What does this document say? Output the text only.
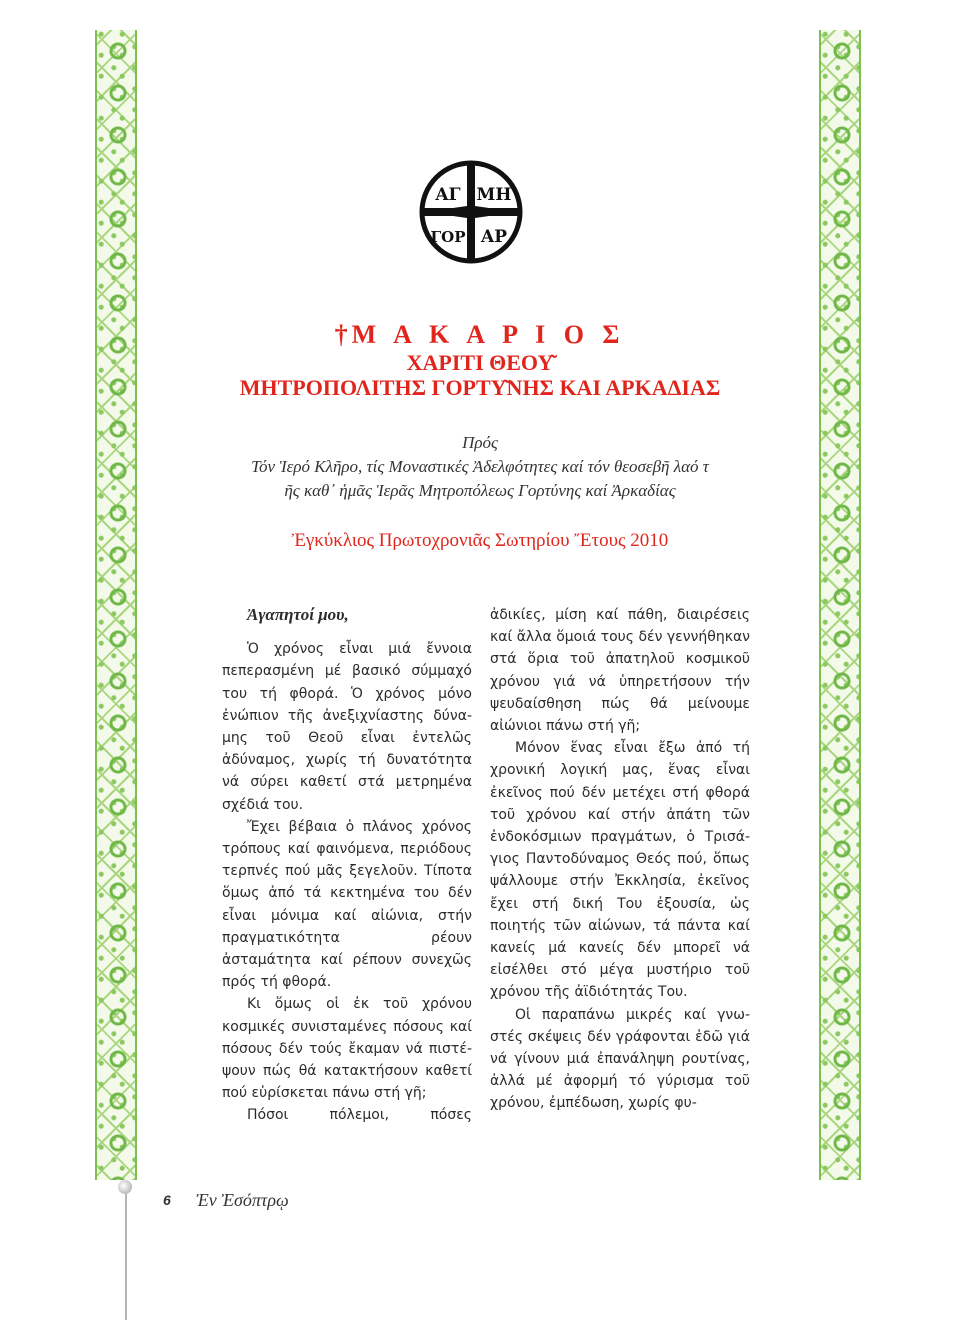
ΑΓ ΜΗ
ΓΟΡ ΑΡ
† Μ Α Κ Α Ρ Ι Ο Σ
ΧΑΡΙΤΙ ΘΕΟΥ͂
ΜΗΤΡΟΠΟΛΙΤΗΣ ΓΟΡΤΥ͂ΝΗΣ ΚΑΙ ΑΡΚΑΔΙΑΣ
Πρός
Τόν Ἱερό Κλῆρο, τίς Μοναστικές Ἀδελφότητες καί τόν θεοσεβῆ λαό τ
ῆς καθ᾽ ἡμᾶς Ἱερᾶς Μητροπόλεως Γορτύνης καί Ἀρκαδίας
Ἐγκύκλιος Πρωτοχρονιᾶς Σωτηρίου Ἔτους 2010

Ἀγαπητοί μου,

Ὁ χρόνος εἶναι μιά ἔννοια πεπερασμένη μέ βασικό σύμμαχό του τή φθορά. Ὁ χρόνος μόνο ἐνώπιον τῆς ἀνεξιχνίαστης δύναμης τοῦ Θεοῦ εἶναι ἐντελῶς ἀδύναμος, χωρίς τή δυνατότητα νά σύρει καθετί στά μετρημένα σχέδιά του.

Ἔχει βέβαια ὁ πλάνος χρόνος τρόπους καί φαινόμενα, περιόδους τερπνές πού μᾶς ξεγελοῦν. Τίποτα ὅμως ἀπό τά κεκτημένα του δέν εἶναι μόνιμα καί αἰώνια, στήν πραγματικότητα ρέουν ἀσταμάτητα καί ρέπουν συνεχῶς πρός τή φθορά.

Κι ὅμως οἱ ἐκ τοῦ χρόνου κοσμικές συνισταμένες πόσους καί πόσους δέν τούς ἔκαμαν νά πιστέψουν πώς θά κατακτήσουν καθετί πού εὑρίσκεται πάνω στή γῆ;

Πόσοι πόλεμοι, πόσες

ἀδικίες, μίση καί πάθη, διαιρέσεις καί ἄλλα ὅμοιά τους δέν γεννήθηκαν στά ὅρια τοῦ ἀπατηλοῦ κοσμικοῦ χρόνου γιά νά ὑπηρετήσουν τήν ψευδαίσθηση πώς θά μείνουμε αἰώνιοι πάνω στή γῆ;

Μόνον ἕνας εἶναι ἔξω ἀπό τή χρονική λογική μας, ἕνας εἶναι ἐκεῖνος πού δέν μετέχει στή φθορά τοῦ χρόνου καί στήν ἀπάτη τῶν ἐνδοκόσμιων πραγμάτων, ὁ Τρισάγιος Παντοδύναμος Θεός πού, ὅπως ψάλλουμε στήν Ἐκκλησία, ἐκεῖνος ἔχει στή δική Του ἐξουσία, ὡς ποιητής τῶν αἰώνων, τά πάντα καί κανείς μά κανείς δέν μπορεῖ νά εἰσέλθει στό μέγα μυστήριο τοῦ χρόνου τῆς ἀϊδιότητάς Του.

Οἱ παραπάνω μικρές καί γνωστές σκέψεις δέν γράφονται ἐδῶ γιά νά γίνουν μιά ἐπανάληψη ρουτίνας, ἀλλά μέ ἀφορμή τό γύρισμα τοῦ χρόνου, ἐμπέδωση, χωρίς φυ-

6 Ἐν Ἐσόπτρῳ
